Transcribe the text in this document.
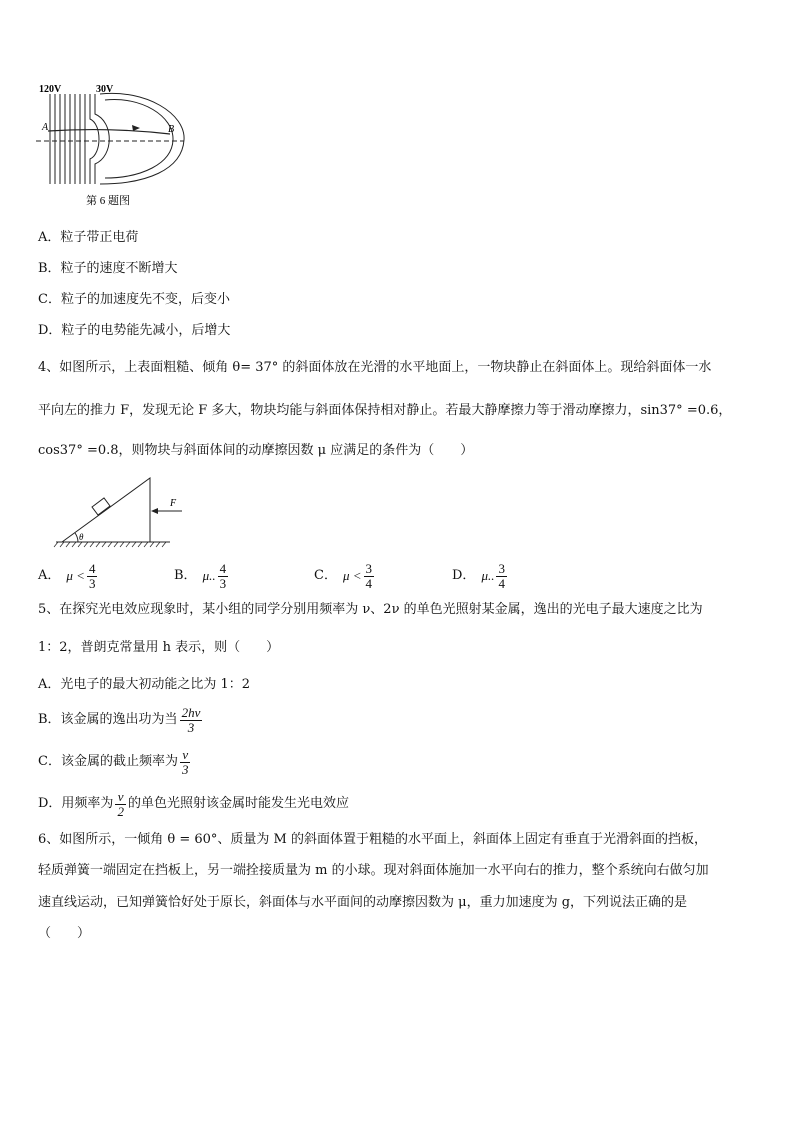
120V	30V
A	B
第 6 题图
A．粒子带正电荷
B．粒子的速度不断增大
C．粒子的加速度先不变，后变小
D．粒子的电势能先减小，后增大
4、如图所示，上表面粗糙、倾角 θ= 37° 的斜面体放在光滑的水平地面上，一物块静止在斜面体上。现给斜面体一水
平向左的推力 F，发现无论 F 多大，物块均能与斜面体保持相对静止。若最大静摩擦力等于滑动摩擦力，sin37° =0.6，
cos37° =0.8，则物块与斜面体间的动摩擦因数 μ 应满足的条件为（　　）
F
θ
A． $\mu < \frac{4}{3}$	B． μ.. $\frac{4}{3}$	C． $\mu < \frac{3}{4}$	D． μ.. $\frac{3}{4}$
5、在探究光电效应现象时，某小组的同学分别用频率为 ν、2ν 的单色光照射某金属，逸出的光电子最大速度之比为
1：2，普朗克常量用 h 表示，则（　　）
A．光电子的最大初动能之比为 1：2
B．该金属的逸出功为当 $\frac{2h\nu}{3}$
C．该金属的截止频率为 $\frac{\nu}{3}$
D．用频率为 $\frac{\nu}{2}$ 的单色光照射该金属时能发生光电效应
6、如图所示，一倾角 θ = 60°、质量为 M 的斜面体置于粗糙的水平面上，斜面体上固定有垂直于光滑斜面的挡板，
轻质弹簧一端固定在挡板上，另一端拴接质量为 m 的小球。现对斜面体施加一水平向右的推力，整个系统向右做匀加
速直线运动，已知弹簧恰好处于原长，斜面体与水平面间的动摩擦因数为 μ，重力加速度为 g，下列说法正确的是
（　　）
